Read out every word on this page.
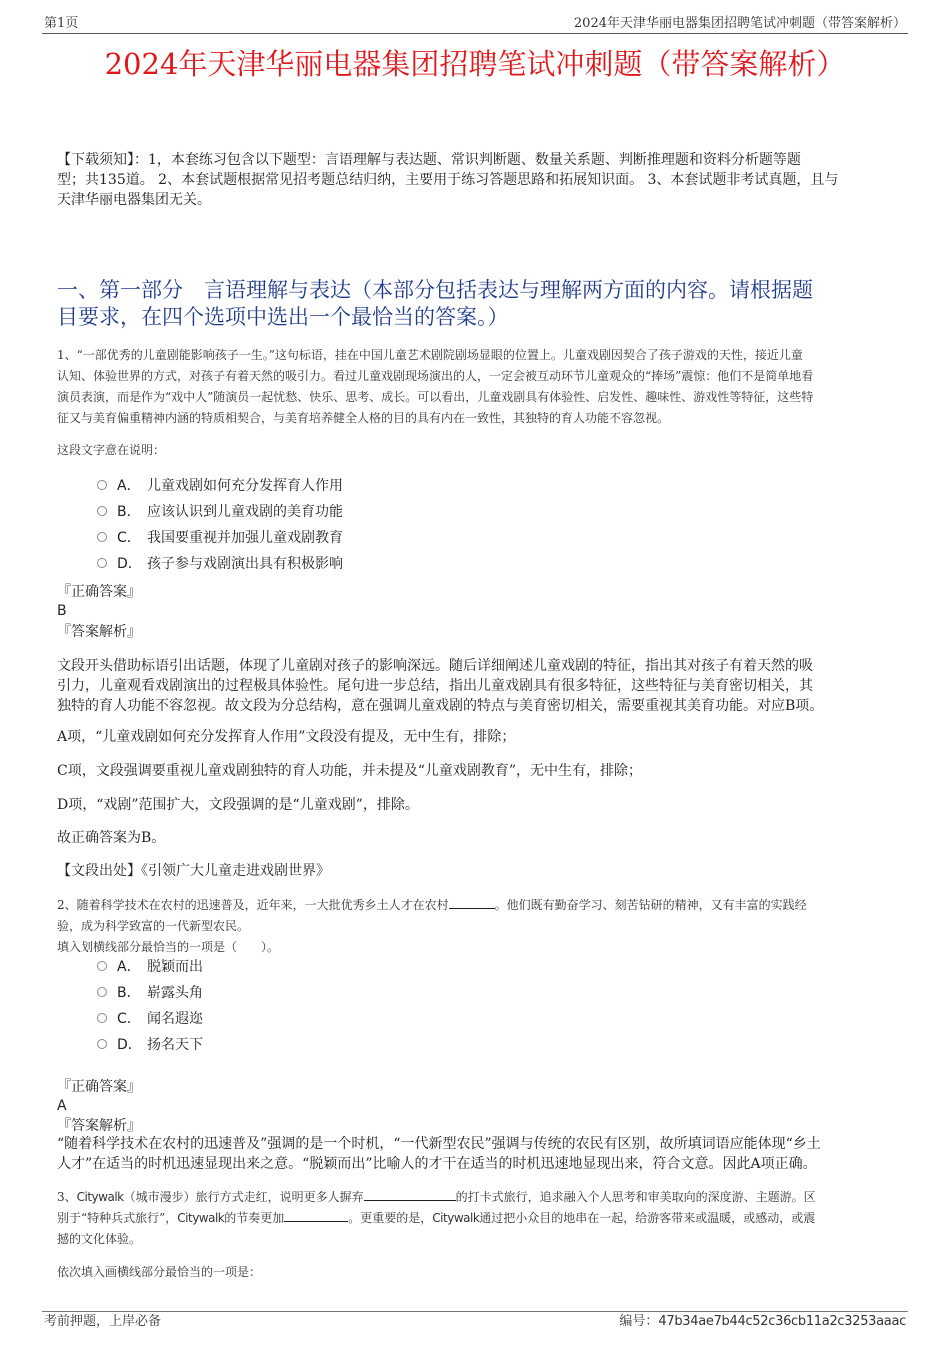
第1页	2024年天津华丽电器集团招聘笔试冲刺题（带答案解析）
2024年天津华丽电器集团招聘笔试冲刺题（带答案解析）
【下载须知】：1，本套练习包含以下题型：言语理解与表达题、常识判断题、数量关系题、判断推理题和资料分析题等题
型；共135道。 2、本套试题根据常见招考题总结归纳，主要用于练习答题思路和拓展知识面。 3、本套试题非考试真题，且与
天津华丽电器集团无关。
一、第一部分　言语理解与表达（本部分包括表达与理解两方面的内容。请根据题
目要求，在四个选项中选出一个最恰当的答案。）
1、“一部优秀的儿童剧能影响孩子一生。”这句标语，挂在中国儿童艺术剧院剧场显眼的位置上。儿童戏剧因契合了孩子游戏的天性，接近儿童
认知、体验世界的方式，对孩子有着天然的吸引力。看过儿童戏剧现场演出的人，一定会被互动环节儿童观众的“捧场”震惊：他们不是简单地看
演员表演，而是作为“戏中人”随演员一起忧愁、快乐、思考、成长。可以看出，儿童戏剧具有体验性、启发性、趣味性、游戏性等特征，这些特
征又与美育偏重精神内涵的特质相契合，与美育培养健全人格的目的具有内在一致性，其独特的育人功能不容忽视。
这段文字意在说明：
A． 儿童戏剧如何充分发挥育人作用
B． 应该认识到儿童戏剧的美育功能
C． 我国要重视并加强儿童戏剧教育
D． 孩子参与戏剧演出具有积极影响
『正确答案』
B
『答案解析』
文段开头借助标语引出话题，体现了儿童剧对孩子的影响深远。随后详细阐述儿童戏剧的特征，指出其对孩子有着天然的吸
引力，儿童观看戏剧演出的过程极具体验性。尾句进一步总结，指出儿童戏剧具有很多特征，这些特征与美育密切相关，其
独特的育人功能不容忽视。故文段为分总结构，意在强调儿童戏剧的特点与美育密切相关，需要重视其美育功能。对应B项。
A项，“儿童戏剧如何充分发挥育人作用”文段没有提及，无中生有，排除；
C项，文段强调要重视儿童戏剧独特的育人功能，并未提及“儿童戏剧教育”，无中生有，排除；
D项，“戏剧”范围扩大，文段强调的是“儿童戏剧”，排除。
故正确答案为B。
【文段出处】《引领广大儿童走进戏剧世界》
2、随着科学技术在农村的迅速普及，近年来，一大批优秀乡土人才在农村	。他们既有勤奋学习、刻苦钻研的精神，又有丰富的实践经
验，成为科学致富的一代新型农民。
填入划横线部分最恰当的一项是（　　）。
A． 脱颖而出
B． 崭露头角
C． 闻名遐迩
D． 扬名天下
『正确答案』
A
『答案解析』
“随着科学技术在农村的迅速普及”强调的是一个时机，“一代新型农民”强调与传统的农民有区别，故所填词语应能体现“乡土
人才”在适当的时机迅速显现出来之意。“脱颖而出”比喻人的才干在适当的时机迅速地显现出来，符合文意。因此A项正确。
3、Citywalk（城市漫步）旅行方式走红，说明更多人摒弃	的打卡式旅行，追求融入个人思考和审美取向的深度游、主题游。区
别于“特种兵式旅行”，Citywalk的节奏更加	。更重要的是，Citywalk通过把小众目的地串在一起，给游客带来或温暖，或感动，或震
撼的文化体验。
依次填入画横线部分最恰当的一项是：
考前押题，上岸必备	编号：47b34ae7b44c52c36cb11a2c3253aaac
